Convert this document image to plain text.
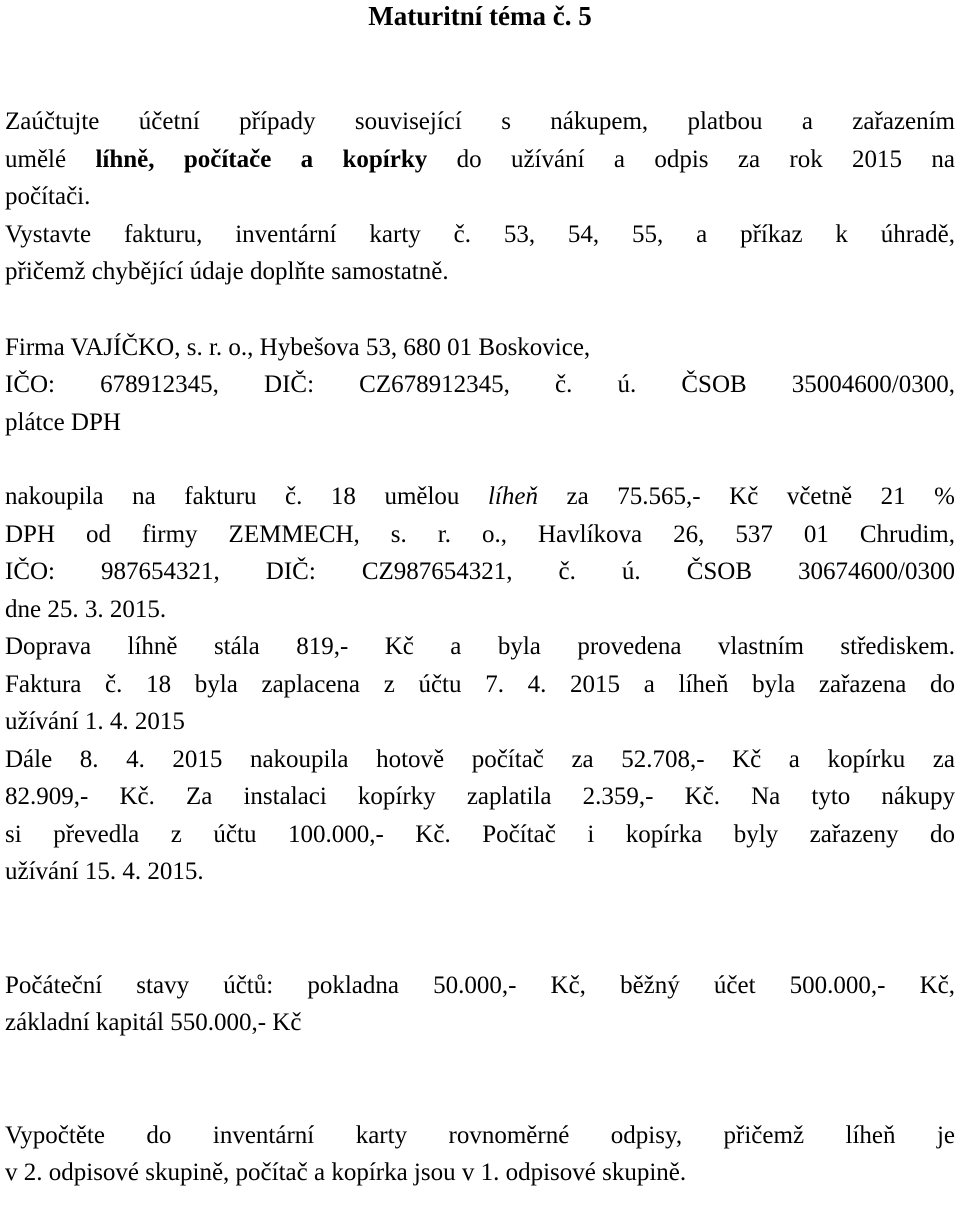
Maturitní téma č. 5
Zaúčtujte účetní případy související s nákupem, platbou a zařazením
umělé líhně, počítače a kopírky do užívání a odpis za rok 2015 na
počítači.
Vystavte fakturu, inventární karty č. 53, 54, 55, a příkaz k úhradě,
přičemž chybějící údaje doplňte samostatně.
Firma VAJÍČKO, s. r. o., Hybešova 53, 680 01 Boskovice,
IČO: 678912345, DIČ: CZ678912345, č. ú. ČSOB 35004600/0300,
plátce DPH
nakoupila na fakturu č. 18 umělou líheň za 75.565,- Kč včetně 21 %
DPH od firmy ZEMMECH, s. r. o., Havlíkova 26, 537 01 Chrudim,
IČO: 987654321, DIČ: CZ987654321, č. ú. ČSOB 30674600/0300
dne 25. 3. 2015.
Doprava líhně stála 819,- Kč a byla provedena vlastním střediskem.
Faktura č. 18 byla zaplacena z účtu 7. 4. 2015 a líheň byla zařazena do
užívání 1. 4. 2015
Dále 8. 4. 2015 nakoupila hotově počítač za 52.708,- Kč a kopírku za
82.909,- Kč. Za instalaci kopírky zaplatila 2.359,- Kč. Na tyto nákupy
si převedla z účtu 100.000,- Kč. Počítač i kopírka byly zařazeny do
užívání 15. 4. 2015.
Počáteční stavy účtů: pokladna 50.000,- Kč, běžný účet 500.000,- Kč,
základní kapitál 550.000,- Kč
Vypočtěte do inventární karty rovnoměrné odpisy, přičemž líheň je
v 2. odpisové skupině, počítač a kopírka jsou v 1. odpisové skupině.
